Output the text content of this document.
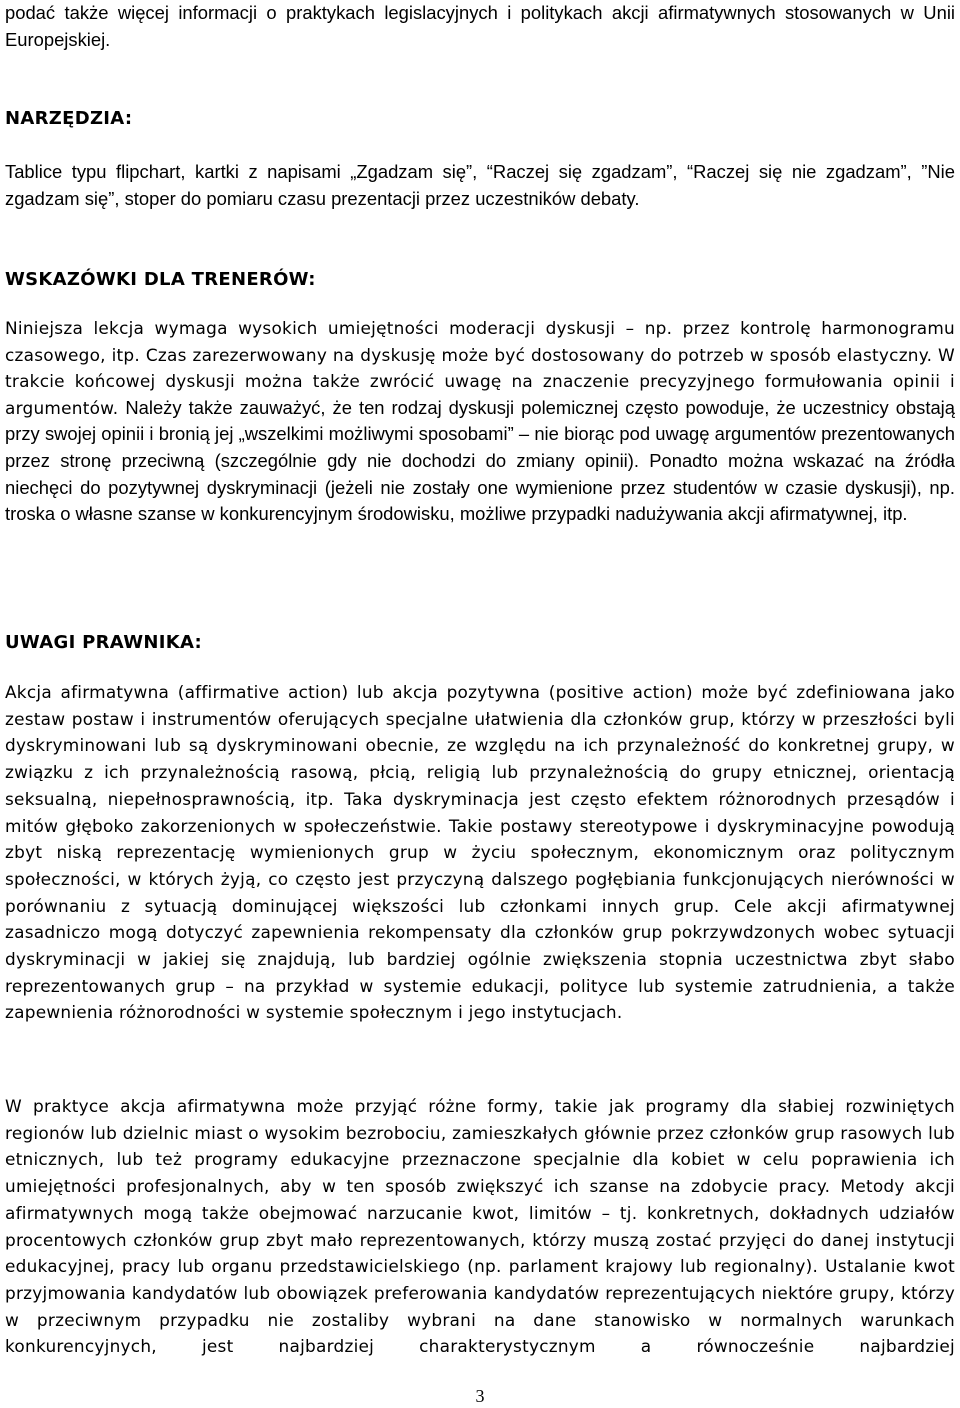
podać także więcej informacji o praktykach legislacyjnych i politykach akcji afirmatywnych stosowanych w Unii Europejskiej.

NARZĘDZIA:

Tablice typu flipchart, kartki z napisami „Zgadzam się”, “Raczej się zgadzam”, “Raczej się nie zgadzam”, ”Nie zgadzam się”, stoper do pomiaru czasu prezentacji przez uczestników debaty.

WSKAZÓWKI DLA TRENERÓW:

Niniejsza lekcja wymaga wysokich umiejętności moderacji dyskusji – np. przez kontrolę harmonogramu czasowego, itp. Czas zarezerwowany na dyskusję może być dostosowany do potrzeb w sposób elastyczny. W trakcie końcowej dyskusji można także zwrócić uwagę na znaczenie precyzyjnego formułowania opinii i argumentów. Należy także zauważyć, że ten rodzaj dyskusji polemicznej często powoduje, że uczestnicy obstają przy swojej opinii i bronią jej „wszelkimi możliwymi sposobami” – nie biorąc pod uwagę argumentów prezentowanych przez stronę przeciwną (szczególnie gdy nie dochodzi do zmiany opinii). Ponadto można wskazać na źródła niechęci do pozytywnej dyskryminacji (jeżeli nie zostały one wymienione przez studentów w czasie dyskusji), np. troska o własne szanse w konkurencyjnym środowisku, możliwe przypadki nadużywania akcji afirmatywnej, itp.

UWAGI PRAWNIKA:

Akcja afirmatywna (affirmative action) lub akcja pozytywna (positive action) może być zdefiniowana jako zestaw postaw i instrumentów oferujących specjalne ułatwienia dla członków grup, którzy w przeszłości byli dyskryminowani lub są dyskryminowani obecnie, ze względu na ich przynależność do konkretnej grupy, w związku z ich przynależnością rasową, płcią, religią lub przynależnością do grupy etnicznej, orientacją seksualną, niepełnosprawnością, itp. Taka dyskryminacja jest często efektem różnorodnych przesądów i mitów głęboko zakorzenionych w społeczeństwie. Takie postawy stereotypowe i dyskryminacyjne powodują zbyt niską reprezentację wymienionych grup w życiu społecznym, ekonomicznym oraz politycznym społeczności, w których żyją, co często jest przyczyną dalszego pogłębiania funkcjonujących nierówności w porównaniu z sytuacją dominującej większości lub członkami innych grup. Cele akcji afirmatywnej zasadniczo mogą dotyczyć zapewnienia rekompensaty dla członków grup pokrzywdzonych wobec sytuacji dyskryminacji w jakiej się znajdują, lub bardziej ogólnie zwiększenia stopnia uczestnictwa zbyt słabo reprezentowanych grup – na przykład w systemie edukacji, polityce lub systemie zatrudnienia, a także zapewnienia różnorodności w systemie społecznym i jego instytucjach.

W praktyce akcja afirmatywna może przyjąć różne formy, takie jak programy dla słabiej rozwiniętych regionów lub dzielnic miast o wysokim bezrobociu, zamieszkałych głównie przez członków grup rasowych lub etnicznych, lub też programy edukacyjne przeznaczone specjalnie dla kobiet w celu poprawienia ich umiejętności profesjonalnych, aby w ten sposób zwiększyć ich szanse na zdobycie pracy. Metody akcji afirmatywnych mogą także obejmować narzucanie kwot, limitów – tj. konkretnych, dokładnych udziałów procentowych członków grup zbyt mało reprezentowanych, którzy muszą zostać przyjęci do danej instytucji edukacyjnej, pracy lub organu przedstawicielskiego (np. parlament krajowy lub regionalny). Ustalanie kwot przyjmowania kandydatów lub obowiązek preferowania kandydatów reprezentujących niektóre grupy, którzy w przeciwnym przypadku nie zostaliby wybrani na dane stanowisko w normalnych warunkach konkurencyjnych, jest najbardziej charakterystycznym a równocześnie najbardziej

3
